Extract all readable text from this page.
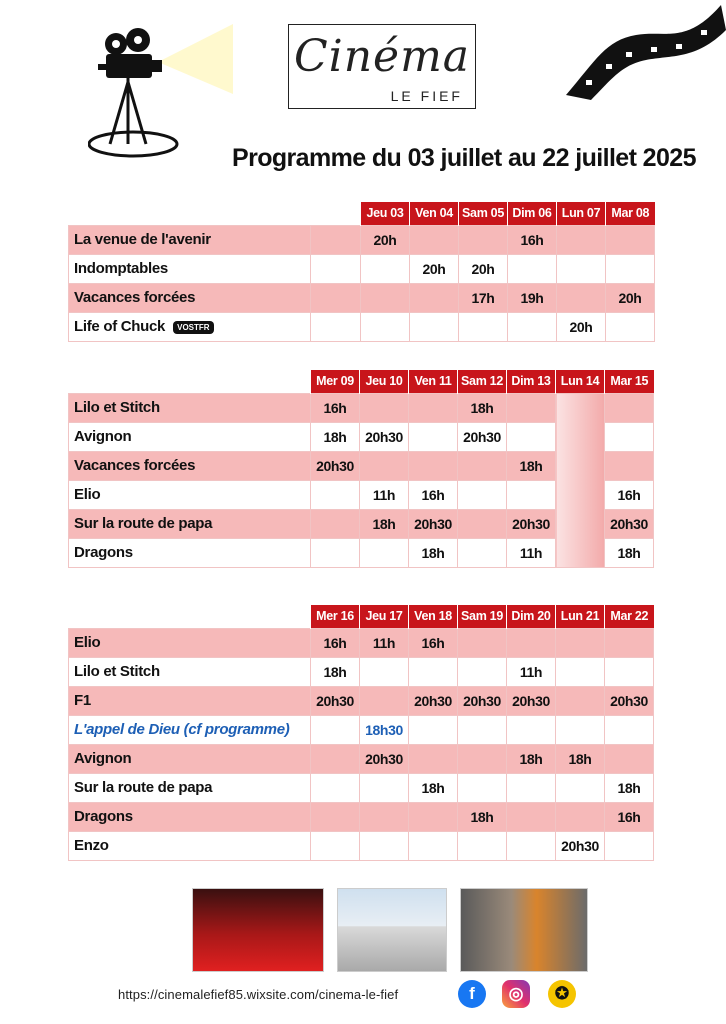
Cinéma
LE FIEF
Programme du 03 juillet au 22 juillet 2025
		Jeu 03	Ven 04	Sam 05	Dim 06	Lun 07	Mar 08
La venue de l'avenir		20h			16h		
Indomptables			20h	20h			
Vacances forcées				17h	19h		20h
Life of Chuck VOSTFR						20h	
	Mer 09	Jeu 10	Ven 11	Sam 12	Dim 13	Lun 14	Mar 15
Lilo et Stitch	16h			18h			
Avignon	18h	20h30		20h30			
Vacances forcées	20h30				18h		
Elio		11h	16h				16h
Sur la route de papa		18h	20h30		20h30		20h30
Dragons			18h		11h		18h
	Mer 16	Jeu 17	Ven 18	Sam 19	Dim 20	Lun 21	Mar 22
Elio	16h	11h	16h				
Lilo et Stitch	18h				11h		
F1	20h30		20h30	20h30	20h30		20h30
L'appel de Dieu (cf programme)		18h30					
Avignon		20h30			18h	18h	
Sur la route de papa			18h				18h
Dragons				18h			16h
Enzo						20h30	
https://cinemalefief85.wixsite.com/cinema-le-fief	f	◎	✪
